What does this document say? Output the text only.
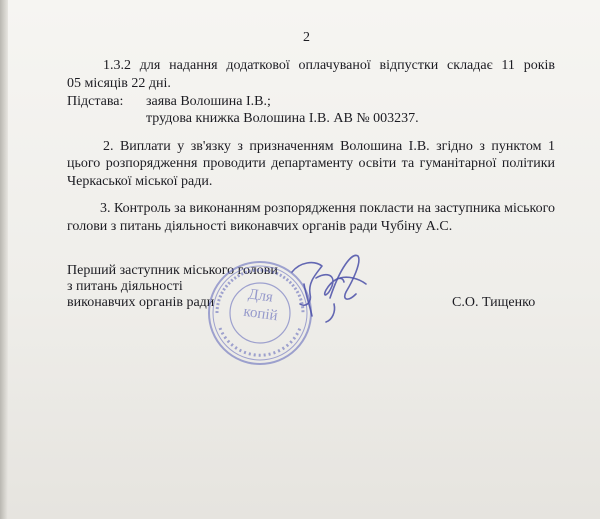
2
1.3.2 для надання додаткової оплачуваної відпустки складає 11 років
05 місяців 22 дні.
Підстава: заява Волошина І.В.;
трудова книжка Волошина І.В. АВ № 003237.
2. Виплати у зв'язку з призначенням Волошина І.В. згідно з пунктом 1
цього розпорядження проводити департаменту освіти та гуманітарної політики
Черкаської міської ради.
3. Контроль за виконанням розпорядження покласти на заступника міського
голови з питань діяльності виконавчих органів ради Чубіну А.С.
Перший заступник міського голови
з питань діяльності
виконавчих органів ради	С.О. Тищенко
Для
копій
